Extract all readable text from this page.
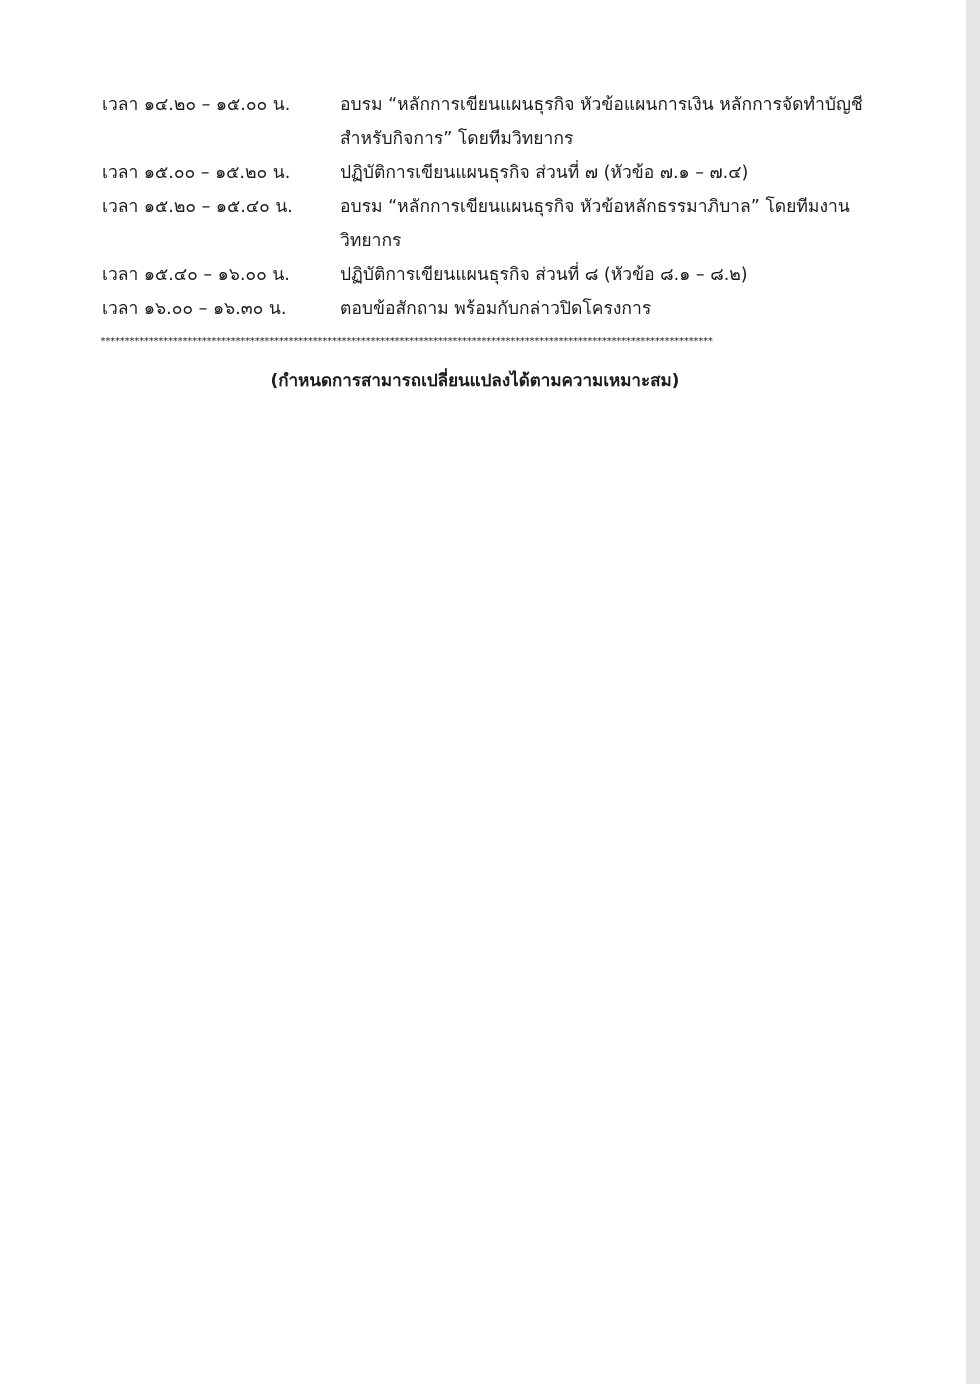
เวลา ๑๔.๒๐ – ๑๕.๐๐ น.	อบรม “หลักการเขียนแผนธุรกิจ หัวข้อแผนการเงิน หลักการจัดทำบัญชี
สำหรับกิจการ” โดยทีมวิทยากร
เวลา ๑๕.๐๐ – ๑๕.๒๐ น.	ปฏิบัติการเขียนแผนธุรกิจ ส่วนที่ ๗ (หัวข้อ ๗.๑ – ๗.๔)
เวลา ๑๕.๒๐ – ๑๕.๔๐ น.	อบรม “หลักการเขียนแผนธุรกิจ หัวข้อหลักธรรมาภิบาล” โดยทีมงาน
วิทยากร
เวลา ๑๕.๔๐ – ๑๖.๐๐ น.	ปฏิบัติการเขียนแผนธุรกิจ ส่วนที่ ๘ (หัวข้อ ๘.๑ – ๘.๒)
เวลา ๑๖.๐๐ – ๑๖.๓๐ น.	ตอบข้อสักถาม พร้อมกับกล่าวปิดโครงการ
*******************************************************************************************************************************
(กำหนดการสามารถเปลี่ยนแปลงได้ตามความเหมาะสม)
